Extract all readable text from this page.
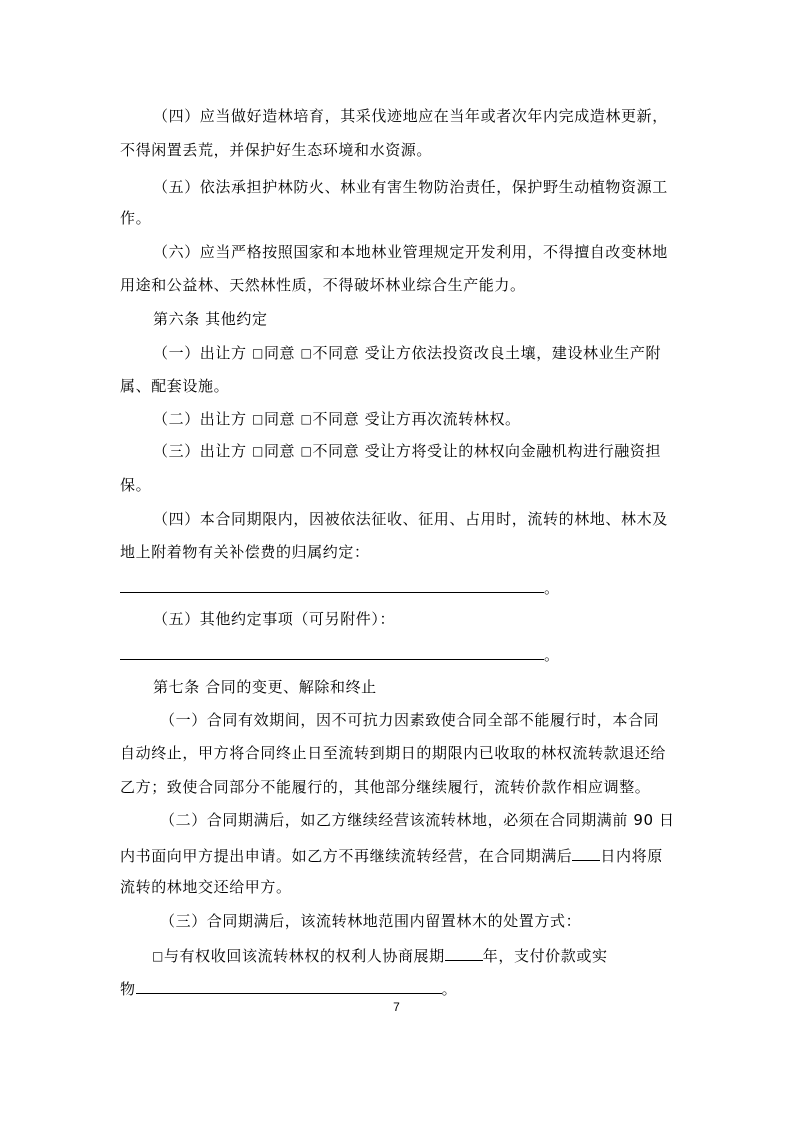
（四）应当做好造林培育，其采伐迹地应在当年或者次年内完成造林更新，
不得闲置丢荒，并保护好生态环境和水资源。
（五）依法承担护林防火、林业有害生物防治责任，保护野生动植物资源工
作。
（六）应当严格按照国家和本地林业管理规定开发利用，不得擅自改变林地
用途和公益林、天然林性质，不得破坏林业综合生产能力。
第六条 其他约定
（一）出让方 □同意 □不同意 受让方依法投资改良土壤，建设林业生产附
属、配套设施。
（二）出让方 □同意 □不同意 受让方再次流转林权。
（三）出让方 □同意 □不同意 受让方将受让的林权向金融机构进行融资担
保。
（四）本合同期限内，因被依法征收、征用、占用时，流转的林地、林木及
地上附着物有关补偿费的归属约定：
。
（五）其他约定事项（可另附件）：
。
第七条 合同的变更、解除和终止
（一）合同有效期间，因不可抗力因素致使合同全部不能履行时，本合同
自动终止，甲方将合同终止日至流转到期日的期限内已收取的林权流转款退还给
乙方；致使合同部分不能履行的，其他部分继续履行，流转价款作相应调整。
（二）合同期满后，如乙方继续经营该流转林地，必须在合同期满前 90 日
内书面向甲方提出申请。如乙方不再继续流转经营，在合同期满后 日内将原
流转的林地交还给甲方。
（三）合同期满后，该流转林地范围内留置林木的处置方式：
□与有权收回该流转林权的权利人协商展期	年，支付价款或实
物	。
7
